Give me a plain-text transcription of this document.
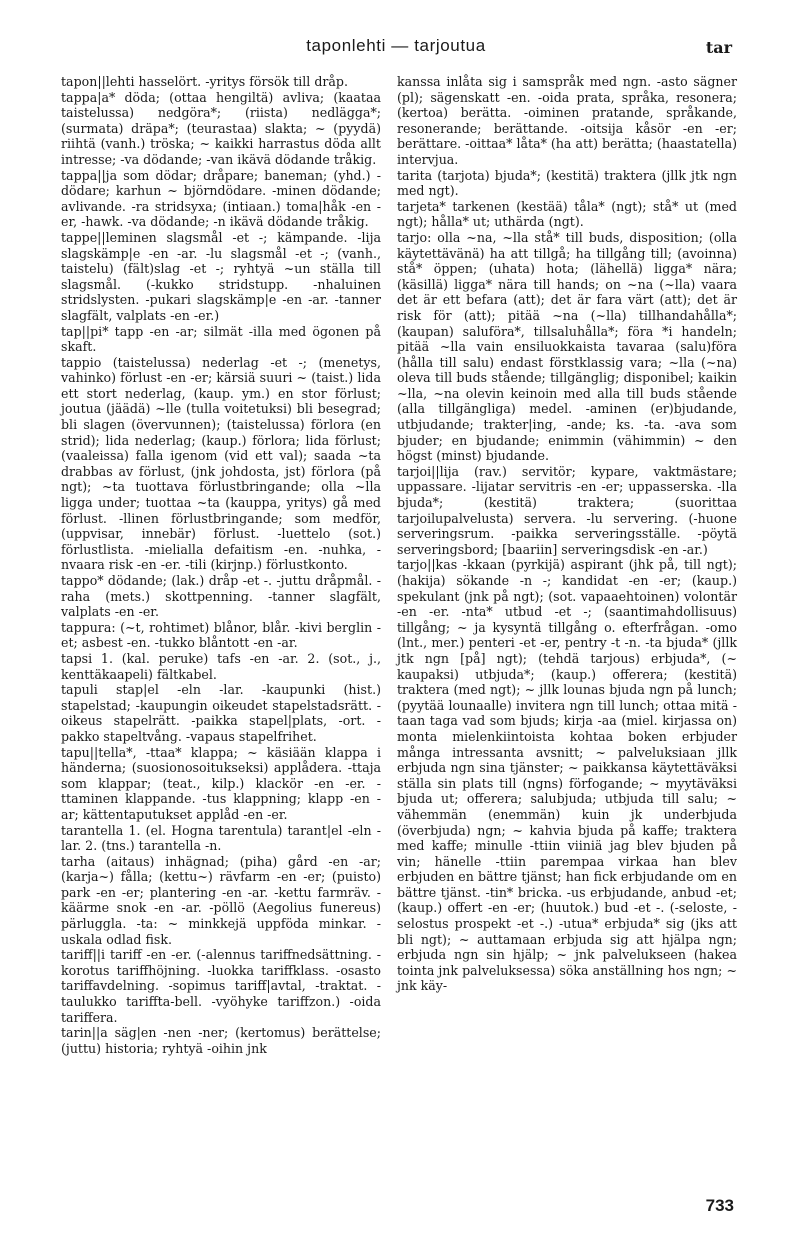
taponlehti — tarjoutua	tar
tapon||lehti hasselört. -yritys försök till dråp.
tappa|a* döda; (ottaa hengiltä) avliva; (kaataa taistelussa) nedgöra*; (riista) nedlägga*; (surmata) dräpa*; (teurastaa) slakta; ~ (pyydä) riihtä (vanh.) tröska; ~ kaikki harrastus döda allt intresse; -va dödande; -van ikävä dödande tråkig.
tappa||ja som dödar; dråpare; baneman; (yhd.) -dödare; karhun ~ björndödare. -minen dödande; avlivande. -ra stridsyxa; (intiaan.) toma|håk -en -er, -hawk. -va dödande; -n ikävä dödande tråkig.
tappe||leminen slagsmål -et -; kämpande. -lija slagskämp|e -en -ar. -lu slagsmål -et -; (vanh., taistelu) (fält)slag -et -; ryhtyä ~un ställa till slagsmål. (-kukko stridstupp. -nhaluinen stridslysten. -pukari slagskämp|e -en -ar. -tanner slagfält, valplats -en -er.)
tap||pi* tapp -en -ar; silmät -illa med ögonen på skaft.
tappio (taistelussa) nederlag -et -; (menetys, vahinko) förlust -en -er; kärsiä suuri ~ (taist.) lida ett stort nederlag, (kaup. ym.) en stor förlust; joutua (jäädä) ~lle (tulla voitetuksi) bli besegrad; bli slagen (övervunnen); (taistelussa) förlora (en strid); lida nederlag; (kaup.) förlora; lida förlust; (vaaleissa) falla igenom (vid ett val); saada ~ta drabbas av förlust, (jnk johdosta, jst) förlora (på ngt); ~ta tuottava förlustbringande; olla ~lla ligga under; tuottaa ~ta (kauppa, yritys) gå med förlust. -llinen förlustbringande; som medför, (uppvisar, innebär) förlust. -luettelo (sot.) förlustlista. -mielialla defaitism -en. -nuhka, -nvaara risk -en -er. -tili (kirjnp.) förlustkonto.
tappo* dödande; (lak.) dråp -et -. -juttu dråpmål. -raha (mets.) skottpenning. -tanner slagfält, valplats -en -er.
tappura: (~t, rohtimet) blånor, blår. -kivi berglin -et; asbest -en. -tukko blåntott -en -ar.
tapsi 1. (kal. peruke) tafs -en -ar. 2. (sot., j., kenttäkaapeli) fältkabel.
tapuli stap|el -eln -lar. -kaupunki (hist.) stapelstad; -kaupungin oikeudet stapelstadsrätt. -oikeus stapelrätt. -paikka stapel|plats, -ort. -pakko stapeltvång. -vapaus stapelfrihet.
tapu||tella*, -ttaa* klappa; ~ käsiään klappa i händerna; (suosionosoitukseksi) applådera. -ttaja som klappar; (teat., kilp.) klackör -en -er. -ttaminen klappande. -tus klappning; klapp -en -ar; kättentaputukset applåd -en -er.
tarantella 1. (el. Hogna tarentula) tarant|el -eln -lar. 2. (tns.) tarantella -n.
tarha (aitaus) inhägnad; (piha) gård -en -ar; (karja~) fålla; (kettu~) rävfarm -en -er; (puisto) park -en -er; plantering -en -ar. -kettu farmräv. -käärme snok -en -ar. -pöllö (Aegolius funereus) pärluggla. -ta: ~ minkkejä uppföda minkar. -uskala odlad fisk.
tariff||i tariff -en -er. (-alennus tariffnedsättning. -korotus tariffhöjning. -luokka tariffklass. -osasto tariffavdelning. -sopimus tariff|avtal, -traktat. -taulukko tariffta-bell. -vyöhyke tariffzon.) -oida tariffera.
tarin||a säg|en -nen -ner; (kertomus) berättelse; (juttu) historia; ryhtyä -oihin jnk
kanssa inlåta sig i samspråk med ngn. -asto sägner (pl); sägenskatt -en. -oida prata, språka, resonera; (kertoa) berätta. -oiminen pratande, språkande, resonerande; berättande. -oitsija kåsör -en -er; berättare. -oittaa* låta* (ha att) berätta; (haastatella) intervjua.
tarita (tarjota) bjuda*; (kestitä) traktera (jllk jtk ngn med ngt).
tarjeta* tarkenen (kestää) tåla* (ngt); stå* ut (med ngt); hålla* ut; uthärda (ngt).
tarjo: olla ~na, ~lla stå* till buds, disposition; (olla käytettävänä) ha att tillgå; ha tillgång till; (avoinna) stå* öppen; (uhata) hota; (lähellä) ligga* nära; (käsillä) ligga* nära till hands; on ~na (~lla) vaara det är ett befara (att); det är fara värt (att); det är risk för (att); pitää ~na (~lla) tillhandahålla*; (kaupan) saluföra*, tillsaluhålla*; föra *i handeln; pitää ~lla vain ensiluokkaista tavaraa (salu)föra (hålla till salu) endast förstklassig vara; ~lla (~na) oleva till buds stående; tillgänglig; disponibel; kaikin ~lla, ~na olevin keinoin med alla till buds stående (alla tillgängliga) medel. -aminen (er)bjudande, utbjudande; trakter|ing, -ande; ks. -ta. -ava som bjuder; en bjudande; enimmin (vähimmin) ~ den högst (minst) bjudande.
tarjoi||lija (rav.) servitör; kypare, vaktmästare; uppassare. -lijatar servitris -en -er; uppasserska. -lla bjuda*; (kestitä) traktera; (suorittaa tarjoilupalvelusta) servera. -lu servering. (-huone serveringsrum. -paikka serveringsställe. -pöytä serveringsbord; [baariin] serveringsdisk -en -ar.)
tarjo||kas -kkaan (pyrkijä) aspirant (jhk på, till ngt); (hakija) sökande -n -; kandidat -en -er; (kaup.) spekulant (jnk på ngt); (sot. vapaaehtoinen) volontär -en -er. -nta* utbud -et -; (saantimahdollisuus) tillgång; ~ ja kysyntä tillgång o. efterfrågan. -omo (lnt., mer.) penteri -et -er, pentry -t -n. -ta bjuda* (jllk jtk ngn [på] ngt); (tehdä tarjous) erbjuda*, (~ kaupaksi) utbjuda*; (kaup.) offerera; (kestitä) traktera (med ngt); ~ jllk lounas bjuda ngn på lunch; (pyytää lounaalle) invitera ngn till lunch; ottaa mitä -taan taga vad som bjuds; kirja -aa (miel. kirjassa on) monta mielenkiintoista kohtaa boken erbjuder många intressanta avsnitt; ~ palveluksiaan jllk erbjuda ngn sina tjänster; ~ paikkansa käytettäväksi ställa sin plats till (ngns) förfogande; ~ myytäväksi bjuda ut; offerera; salubjuda; utbjuda till salu; ~ vähemmän (enemmän) kuin jk underbjuda (överbjuda) ngn; ~ kahvia bjuda på kaffe; traktera med kaffe; minulle -ttiin viiniä jag blev bjuden på vin; hänelle -ttiin parempaa virkaa han blev erbjuden en bättre tjänst; han fick erbjudande om en bättre tjänst. -tin* bricka. -us erbjudande, anbud -et; (kaup.) offert -en -er; (huutok.) bud -et -. (-seloste, -selostus prospekt -et -.) -utua* erbjuda* sig (jks att bli ngt); ~ auttamaan erbjuda sig att hjälpa ngn; erbjuda ngn sin hjälp; ~ jnk palvelukseen (hakea tointa jnk palveluksessa) söka anställning hos ngn; ~ jnk käy-
733
